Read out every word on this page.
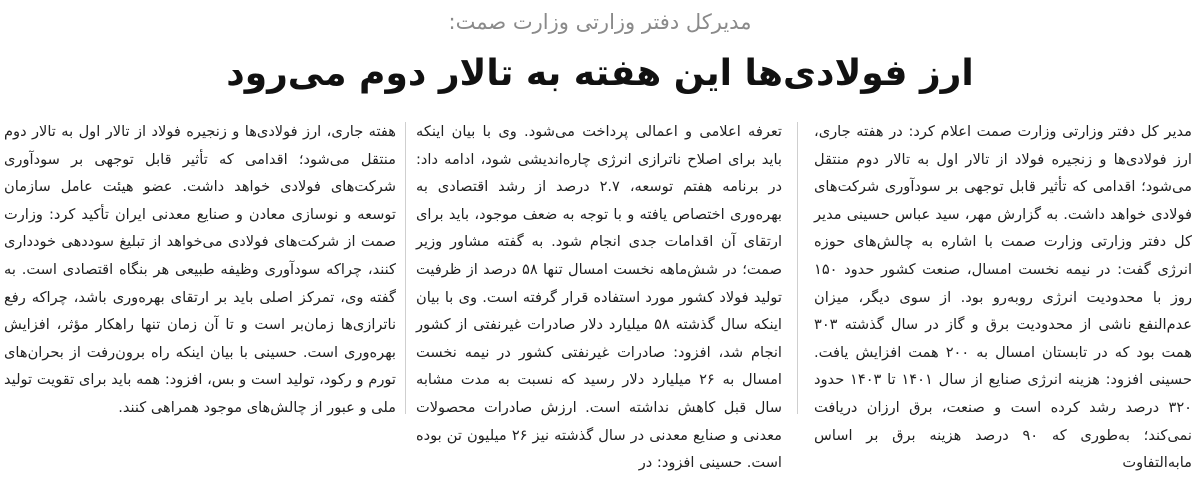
مدیرکل دفتر وزارتی وزارت صمت:
ارز فولادی‌ها این هفته به تالار دوم می‌رود

مدیر کل دفتر وزارتی وزارت صمت اعلام کرد: در هفته جاری، ارز فولادی‌ها و زنجیره فولاد از تالار اول به تالار دوم منتقل می‌شود؛ اقدامی که تأثیر قابل توجهی بر سودآوری شرکت‌های فولادی خواهد داشت. به گزارش مهر، سید عباس حسینی مدیر کل دفتر وزارتی وزارت صمت با اشاره به چالش‌های حوزه انرژی گفت: در نیمه نخست امسال، صنعت کشور حدود ۱۵۰ روز با محدودیت انرژی روبه‌رو بود. از سوی دیگر، میزان عدم‌النفع ناشی از محدودیت برق و گاز در سال گذشته ۳۰۳ همت بود که در تابستان امسال به ۲۰۰ همت افزایش یافت. حسینی افزود: هزینه انرژی صنایع از سال ۱۴۰۱ تا ۱۴۰۳ حدود ۳۲۰ درصد رشد کرده است و صنعت، برق ارزان دریافت نمی‌کند؛ به‌طوری که ۹۰ درصد هزینه برق بر اساس مابه‌التفاوت

تعرفه اعلامی و اعمالی پرداخت می‌شود. وی با بیان اینکه باید برای اصلاح ناترازی انرژی چاره‌اندیشی شود، ادامه داد: در برنامه هفتم توسعه، ۲.۷ درصد از رشد اقتصادی به بهره‌وری اختصاص یافته و با توجه به ضعف موجود، باید برای ارتقای آن اقدامات جدی انجام شود. به گفته مشاور وزیر صمت؛ در شش‌ماهه نخست امسال تنها ۵۸ درصد از ظرفیت تولید فولاد کشور مورد استفاده قرار گرفته است. وی با بیان اینکه سال گذشته ۵۸ میلیارد دلار صادرات غیرنفتی از کشور انجام شد، افزود: صادرات غیرنفتی کشور در نیمه نخست امسال به ۲۶ میلیارد دلار رسید که نسبت به مدت مشابه سال قبل کاهش نداشته است. ارزش صادرات محصولات معدنی و صنایع معدنی در سال گذشته نیز ۲۶ میلیون تن بوده است. حسینی افزود: در

هفته جاری، ارز فولادی‌ها و زنجیره فولاد از تالار اول به تالار دوم منتقل می‌شود؛ اقدامی که تأثیر قابل توجهی بر سودآوری شرکت‌های فولادی خواهد داشت. عضو هیئت عامل سازمان توسعه و نوسازی معادن و صنایع معدنی ایران تأکید کرد: وزارت صمت از شرکت‌های فولادی می‌خواهد از تبلیغ سوددهی خودداری کنند، چراکه سودآوری وظیفه طبیعی هر بنگاه اقتصادی است. به گفته وی، تمرکز اصلی باید بر ارتقای بهره‌وری باشد، چراکه رفع ناترازی‌ها زمان‌بر است و تا آن زمان تنها راهکار مؤثر، افزایش بهره‌وری است. حسینی با بیان اینکه راه برون‌رفت از بحران‌های تورم و رکود، تولید است و بس، افزود: همه باید برای تقویت تولید ملی و عبور از چالش‌های موجود همراهی کنند.
